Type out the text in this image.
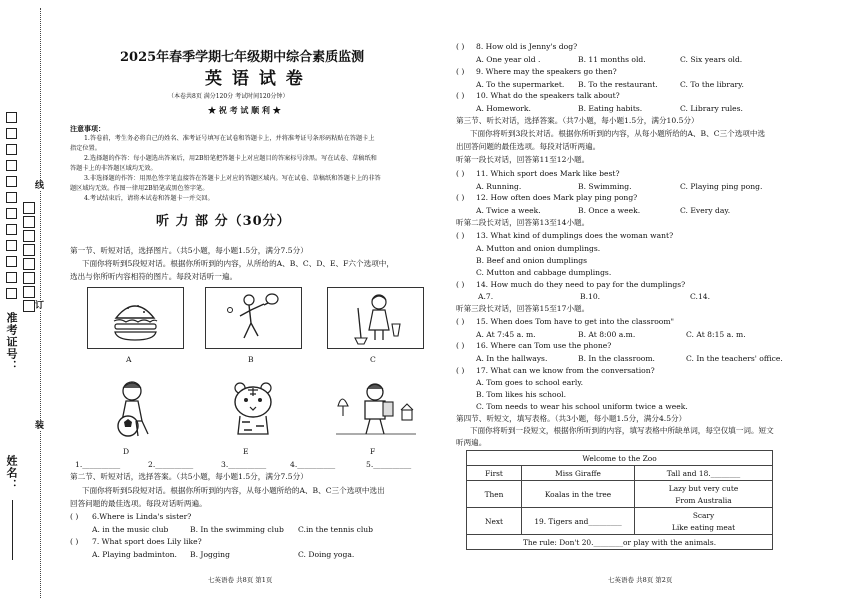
准考证号：
姓名：
装
订
线
2025年春季学期七年级期中综合素质监测
英 语 试 卷
（本卷共8页 满分120分 考试时间120分钟）
★ 祝 考 试 顺 利 ★
注意事项：
1.答卷前，考生务必将自己的姓名、准考证号填写在试卷和答题卡上，并将准考证号条形码粘贴在答题卡上
指定位置。
2.选择题的作答：每小题选出答案后，用2B铅笔把答题卡上对应题目的答案标号涂黑。写在试卷、草稿纸和
答题卡上的非答题区域均无效。
3.非选择题的作答：用黑色签字笔直接答在答题卡上对应的答题区域内。写在试卷、草稿纸和答题卡上的非答
题区域均无效。作图一律用2B铅笔或黑色签字笔。
4.考试结束后，请将本试卷和答题卡一并交回。
听 力 部 分（30分）
第一节、听短对话，选择图片。（共5小题，每小题1.5分，满分7.5分）
下面你将听到5段短对话。根据你所听到的内容，从所给的A、B、C、D、E、F六个选项中，
选出与你所听内容相符的图片。每段对话听一遍。
A	B	C
D	E	F
1.__________	2.__________	3.__________	4.__________	5.__________
第二节、听短对话，选择答案。（共5小题，每小题1.5分，满分7.5分）
下面你将听到5段短对话。根据你所听到的内容，从每小题所给的A、B、C三个选项中选出
回答问题的最佳选项。每段对话听两遍。
( ) 6.Where is Linda's sister?
A. in the music club	B. In the swimming club C.in the tennis club
( ) 7. What sport does Lily like?
A. Playing badminton. B. Jogging	C. Doing yoga.
七英语卷 共8页 第1页
( ) 8. How old is Jenny's dog?
A. One year old .	B. 11 months old.	C. Six years old.
( ) 9. Where may the speakers go then?
A. To the supermarket. B. To the restaurant.	C. To the library.
( ) 10. What do the speakers talk about?
A. Homework.	B. Eating habits.	C. Library rules.
第三节、听长对话，选择答案。（共7小题，每小题1.5分，满分10.5分）
下面你将听到3段长对话。根据你所听到的内容，从每小题所给的A、B、C三个选项中选
出回答问题的最佳选项。每段对话听两遍。
听第一段长对话，回答第11至12小题。
( ) 11. Which sport does Mark like best?
A. Running.	B. Swimming.	C. Playing ping pong.
( ) 12. How often does Mark play ping pong?
A. Twice a week.	B. Once a week.	C. Every day.
听第二段长对话，回答第13至14小题。
( ) 13. What kind of dumplings does the woman want?
A. Mutton and onion dumplings.
B. Beef and onion dumplings
C. Mutton and cabbage dumplings.
( ) 14. How much do they need to pay for the dumplings?
A.7.	B.10.	C.14.
听第三段长对话，回答第15至17小题。
( ) 15. When does Tom have to get into the classroom"
A. At 7:45 a. m.	B. At 8:00 a.m.	C. At 8:15 a. m.
( ) 16. Where can Tom use the phone?
A. In the hallways.	B. In the classroom.	C. In the teachers' office.
( ) 17. What can we know from the conversation?
A. Tom goes to school early.
B. Tom likes his school.
C. Tom needs to wear his school uniform twice a week.
第四节、听短文，填写表格。（共3小题，每小题1.5分，满分4.5分）
下面你将听到一段短文，根据你所听到的内容，填写表格中所缺单词，每空仅填一词。短文
听两遍。
Welcome to the Zoo		
First	Miss Giraffe	Tall and 18.________
Then	Koalas in the tree	Lazy but very cute
From Australia

Next	19. Tigers and_________	Scary
Like eating meat

The rule: Don't 20.________or play with the animals.		
七英语卷 共8页 第2页
